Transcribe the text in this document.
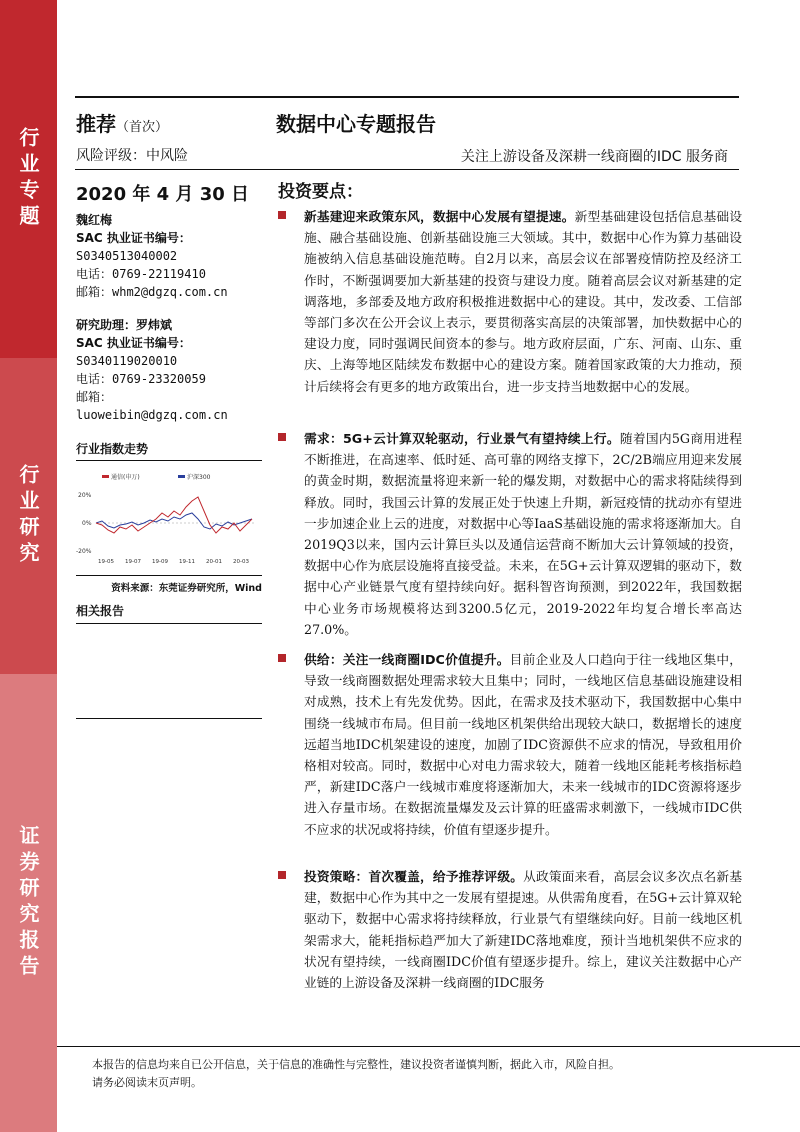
行业专题
行业研究
证券研究报告
推荐（首次）
风险评级：中风险
数据中心专题报告
关注上游设备及深耕一线商圈的IDC 服务商
2020 年 4 月 30 日
魏红梅
SAC 执业证书编号：
S0340513040002
电话：0769-22119410
邮箱：whm2@dgzq.com.cn
研究助理：罗炜斌
SAC 执业证书编号：
S0340119020010
电话：0769-23320059
邮箱：
luoweibin@dgzq.com.cn
行业指数走势
通信(申万)	沪深300
20%
0%
-20%
19-05 19-07 19-09 19-11 20-01 20-03
资料来源：东莞证券研究所，Wind
相关报告
投资要点：
新基建迎来政策东风，数据中心发展有望提速。新型基础建设包括信息基础设施、融合基础设施、创新基础设施三大领域。其中，数据中心作为算力基础设施被纳入信息基础设施范畴。自2月以来，高层会议在部署疫情防控及经济工作时，不断强调要加大新基建的投资与建设力度。随着高层会议对新基建的定调落地，多部委及地方政府积极推进数据中心的建设。其中，发改委、工信部等部门多次在公开会议上表示，要贯彻落实高层的决策部署，加快数据中心的建设力度，同时强调民间资本的参与。地方政府层面，广东、河南、山东、重庆、上海等地区陆续发布数据中心的建设方案。随着国家政策的大力推动，预计后续将会有更多的地方政策出台，进一步支持当地数据中心的发展。
需求：5G+云计算双轮驱动，行业景气有望持续上行。随着国内5G商用进程不断推进，在高速率、低时延、高可靠的网络支撑下，2C/2B端应用迎来发展的黄金时期，数据流量将迎来新一轮的爆发期，对数据中心的需求将陆续得到释放。同时，我国云计算的发展正处于快速上升期，新冠疫情的扰动亦有望进一步加速企业上云的进度，对数据中心等IaaS基础设施的需求将逐渐加大。自2019Q3以来，国内云计算巨头以及通信运营商不断加大云计算领域的投资，数据中心作为底层设施将直接受益。未来，在5G+云计算双逻辑的驱动下，数据中心产业链景气度有望持续向好。据科智咨询预测，到2022年，我国数据中心业务市场规模将达到3200.5亿元，2019-2022年均复合增长率高达27.0%。
供给：关注一线商圈IDC价值提升。目前企业及人口趋向于往一线地区集中，导致一线商圈数据处理需求较大且集中；同时，一线地区信息基础设施建设相对成熟，技术上有先发优势。因此，在需求及技术驱动下，我国数据中心集中围绕一线城市布局。但目前一线地区机架供给出现较大缺口，数据增长的速度远超当地IDC机架建设的速度，加剧了IDC资源供不应求的情况，导致租用价格相对较高。同时，数据中心对电力需求较大，随着一线地区能耗考核指标趋严，新建IDC落户一线城市难度将逐渐加大，未来一线城市的IDC资源将逐步进入存量市场。在数据流量爆发及云计算的旺盛需求刺激下，一线城市IDC供不应求的状况或将持续，价值有望逐步提升。
投资策略：首次覆盖，给予推荐评级。从政策面来看，高层会议多次点名新基建，数据中心作为其中之一发展有望提速。从供需角度看，在5G+云计算双轮驱动下，数据中心需求将持续释放，行业景气有望继续向好。目前一线地区机架需求大，能耗指标趋严加大了新建IDC落地难度，预计当地机架供不应求的状况有望持续，一线商圈IDC价值有望逐步提升。综上，建议关注数据中心产业链的上游设备及深耕一线商圈的IDC服务
本报告的信息均来自已公开信息，关于信息的准确性与完整性，建议投资者谨慎判断，据此入市，风险自担。
请务必阅读末页声明。
